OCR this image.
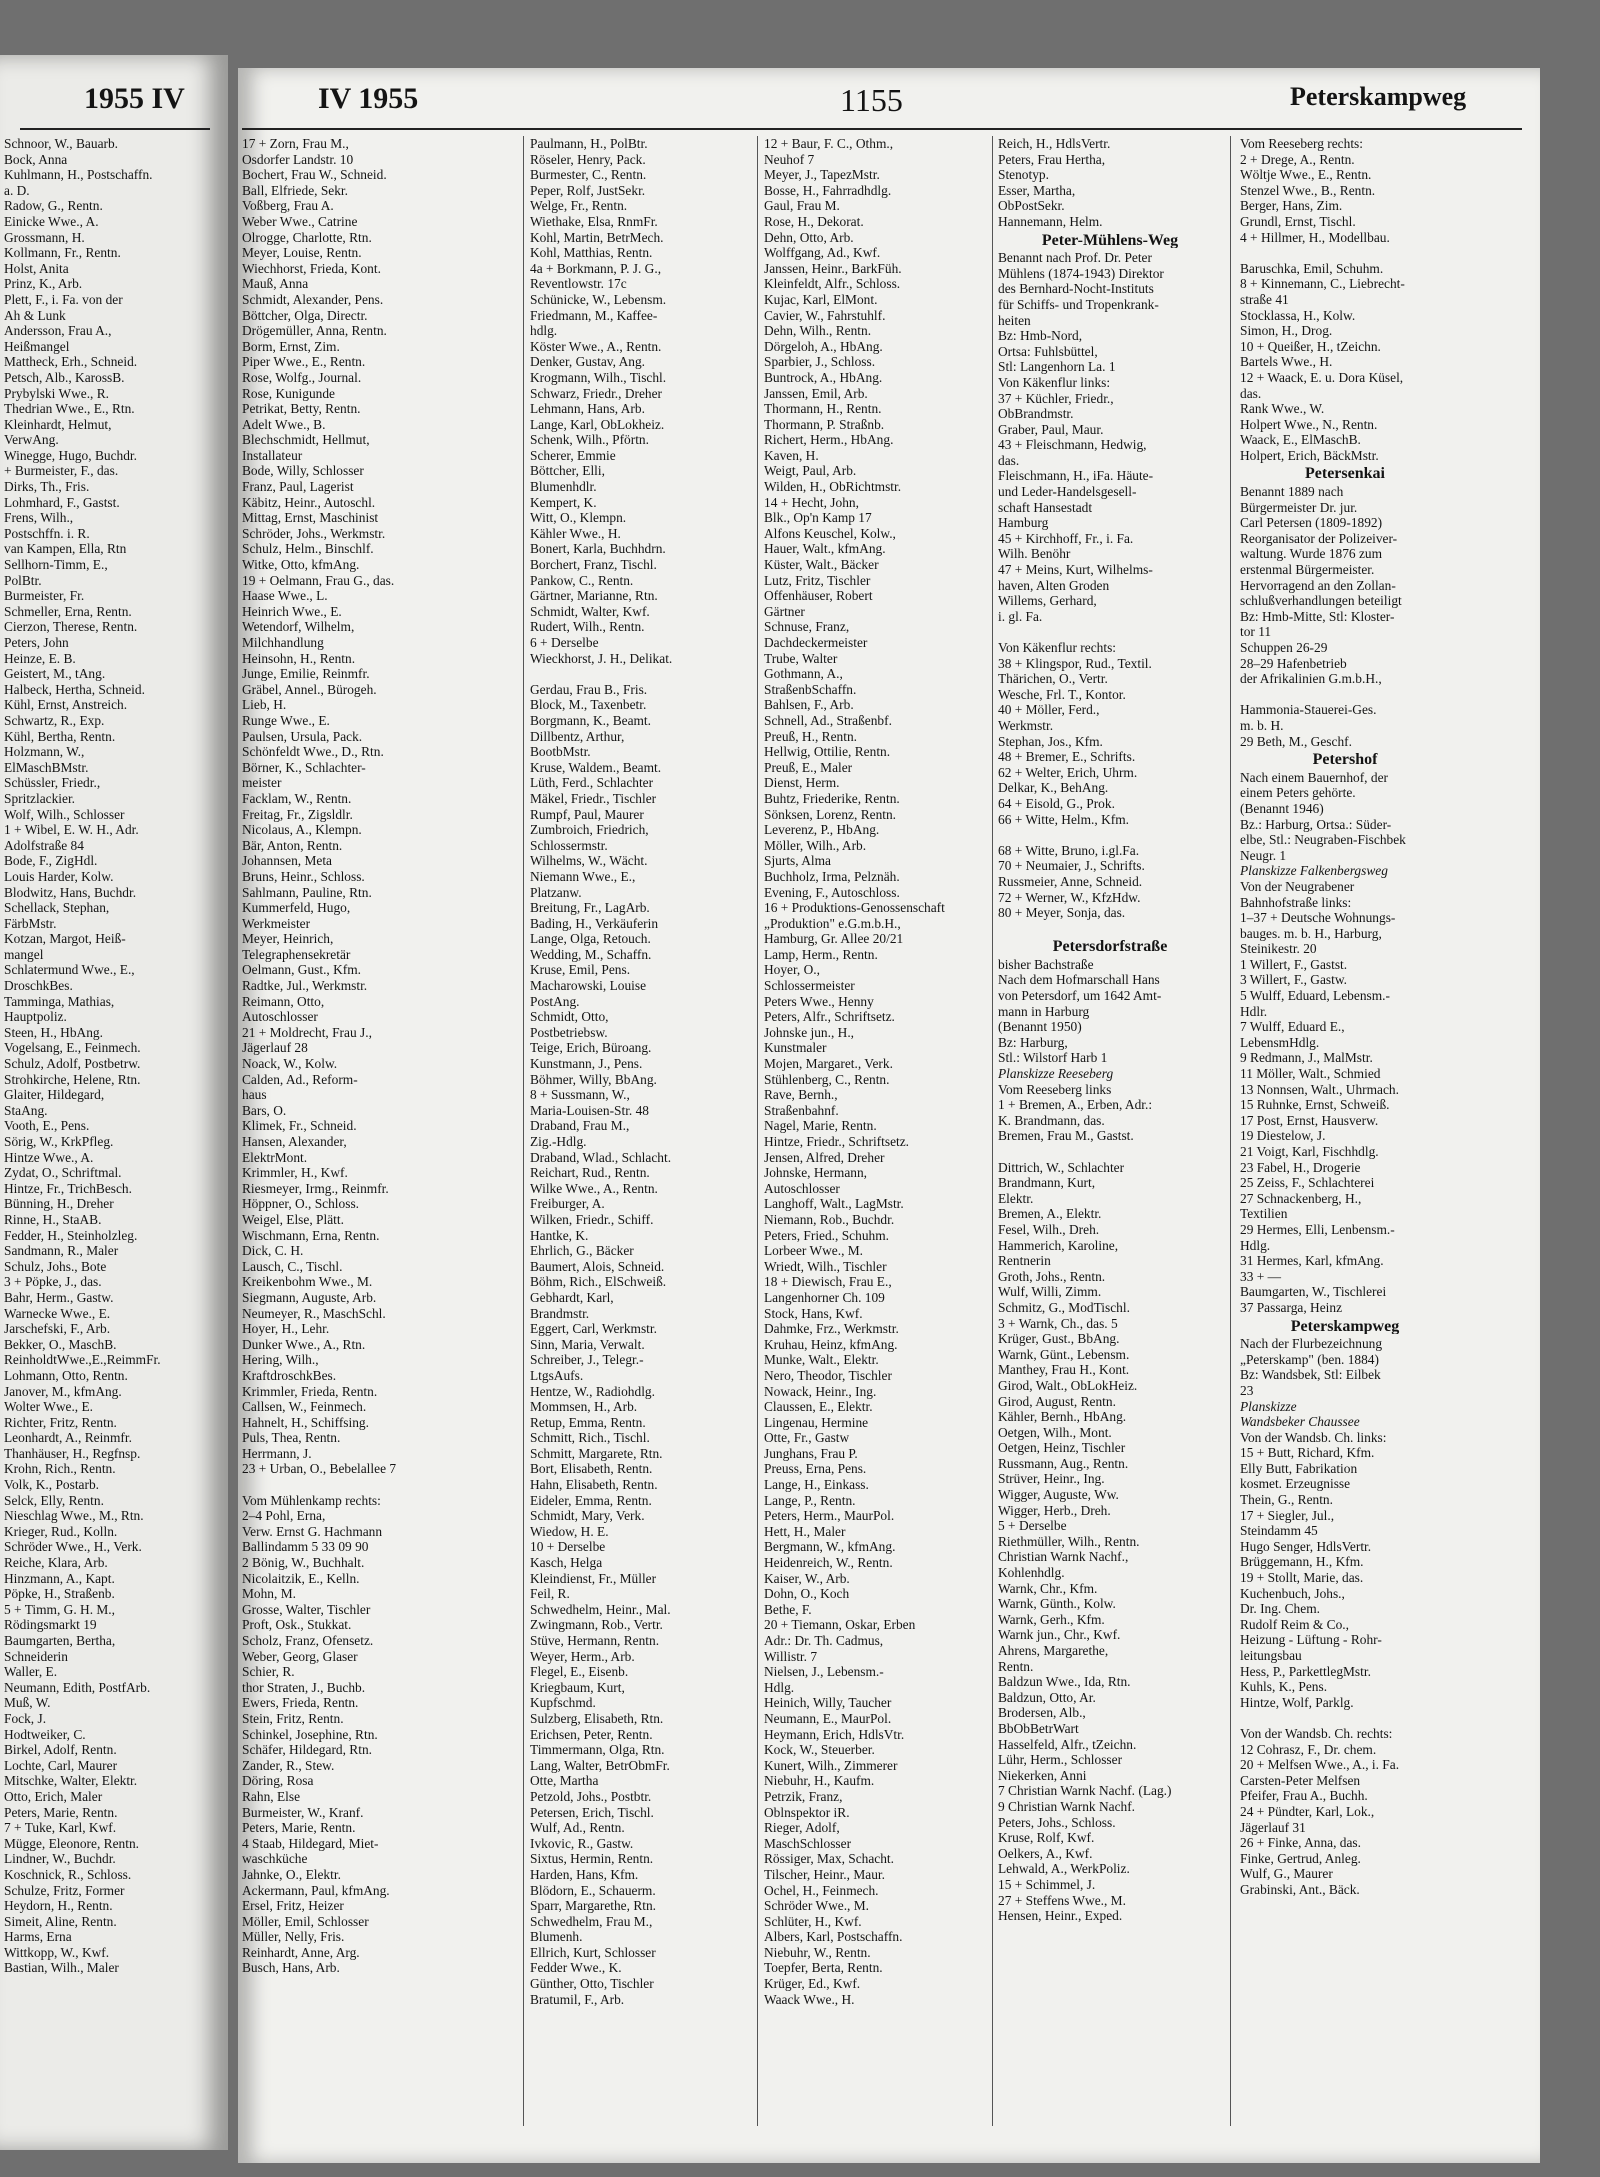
1955 IV	IV 1955	1155	Peterskampweg
Schnoor, W., Bauarb.
Bock, Anna
Kuhlmann, H., Postschaffn.
a. D.
Radow, G., Rentn.
Einicke Wwe., A.
Grossmann, H.
Kollmann, Fr., Rentn.
Holst, Anita
Prinz, K., Arb.
Plett, F., i. Fa. von der
Ah & Lunk
Andersson, Frau A.,
Heißmangel
Mattheck, Erh., Schneid.
Petsch, Alb., KarossB.
Prybylski Wwe., R.
Thedrian Wwe., E., Rtn.
Kleinhardt, Helmut,
VerwAng.
Winegge, Hugo, Buchdr.
+ Burmeister, F., das.
Dirks, Th., Fris.
Lohmhard, F., Gastst.
Frens, Wilh.,
Postschffn. i. R.
van Kampen, Ella, Rtn
Sellhorn-Timm, E.,
PolBtr.
Burmeister, Fr.
Schmeller, Erna, Rentn.
Cierzon, Therese, Rentn.
Peters, John
Heinze, E. B.
Geistert, M., tAng.
Halbeck, Hertha, Schneid.
Kühl, Ernst, Anstreich.
Schwartz, R., Exp.
Kühl, Bertha, Rentn.
Holzmann, W.,
ElMaschBMstr.
Schüssler, Friedr.,
Spritzlackier.
Wolf, Wilh., Schlosser
1 + Wibel, E. W. H., Adr.
Adolfstraße 84
Bode, F., ZigHdl.
Louis Harder, Kolw.
Blodwitz, Hans, Buchdr.
Schellack, Stephan,
FärbMstr.
Kotzan, Margot, Heiß-
mangel
Schlatermund Wwe., E.,
DroschkBes.
Tamminga, Mathias,
Hauptpoliz.
Steen, H., HbAng.
Vogelsang, E., Feinmech.
Schulz, Adolf, Postbetrw.
Strohkirche, Helene, Rtn.
Glaiter, Hildegard,
StaAng.
Vooth, E., Pens.
Sörig, W., KrkPfleg.
Hintze Wwe., A.
Zydat, O., Schriftmal.
Hintze, Fr., TrichBesch.
Bünning, H., Dreher
Rinne, H., StaAB.
Fedder, H., Steinholzleg.
Sandmann, R., Maler
Schulz, Johs., Bote
3 + Pöpke, J., das.
Bahr, Herm., Gastw.
Warnecke Wwe., E.
Jarschefski, F., Arb.
Bekker, O., MaschB.
ReinholdtWwe.,E.,ReimmFr.
Lohmann, Otto, Rentn.
Janover, M., kfmAng.
Wolter Wwe., E.
Richter, Fritz, Rentn.
Leonhardt, A., Reinmfr.
Thanhäuser, H., Regfnsp.
Krohn, Rich., Rentn.
Volk, K., Postarb.
Selck, Elly, Rentn.
Nieschlag Wwe., M., Rtn.
Krieger, Rud., Kolln.
Schröder Wwe., H., Verk.
Reiche, Klara, Arb.
Hinzmann, A., Kapt.
Pöpke, H., Straßenb.
5 + Timm, G. H. M.,
Rödingsmarkt 19
Baumgarten, Bertha,
Schneiderin
Waller, E.
Neumann, Edith, PostfArb.
Muß, W.
Fock, J.
Hodtweiker, C.
Birkel, Adolf, Rentn.
Lochte, Carl, Maurer
Mitschke, Walter, Elektr.
Otto, Erich, Maler
Peters, Marie, Rentn.
7 + Tuke, Karl, Kwf.
Mügge, Eleonore, Rentn.
Lindner, W., Buchdr.
Koschnick, R., Schloss.
Schulze, Fritz, Former
Heydorn, H., Rentn.
Simeit, Aline, Rentn.
Harms, Erna
Wittkopp, W., Kwf.
Bastian, Wilh., Maler
17 + Zorn, Frau M.,
Osdorfer Landstr. 10
Bochert, Frau W., Schneid.
Ball, Elfriede, Sekr.
Voßberg, Frau A.
Weber Wwe., Catrine
Olrogge, Charlotte, Rtn.
Meyer, Louise, Rentn.
Wiechhorst, Frieda, Kont.
Mauß, Anna
Schmidt, Alexander, Pens.
Böttcher, Olga, Directr.
Drögemüller, Anna, Rentn.
Borm, Ernst, Zim.
Piper Wwe., E., Rentn.
Rose, Wolfg., Journal.
Rose, Kunigunde
Petrikat, Betty, Rentn.
Adelt Wwe., B.
Blechschmidt, Hellmut,
Installateur
Bode, Willy, Schlosser
Franz, Paul, Lagerist
Käbitz, Heinr., Autoschl.
Mittag, Ernst, Maschinist
Schröder, Johs., Werkmstr.
Schulz, Helm., Binschlf.
Witke, Otto, kfmAng.
19 + Oelmann, Frau G., das.
Haase Wwe., L.
Heinrich Wwe., E.
Wetendorf, Wilhelm,
Milchhandlung
Heinsohn, H., Rentn.
Junge, Emilie, Reinmfr.
Gräbel, Annel., Bürogeh.
Lieb, H.
Runge Wwe., E.
Paulsen, Ursula, Pack.
Schönfeldt Wwe., D., Rtn.
Börner, K., Schlachter-
meister
Facklam, W., Rentn.
Freitag, Fr., Zigsldlr.
Nicolaus, A., Klempn.
Bär, Anton, Rentn.
Johannsen, Meta
Bruns, Heinr., Schloss.
Sahlmann, Pauline, Rtn.
Kummerfeld, Hugo,
Werkmeister
Meyer, Heinrich,
Telegraphensekretär
Oelmann, Gust., Kfm.
Radtke, Jul., Werkmstr.
Reimann, Otto,
Autoschlosser
21 + Moldrecht, Frau J.,
Jägerlauf 28
Noack, W., Kolw.
Calden, Ad., Reform-
haus
Bars, O.
Klimek, Fr., Schneid.
Hansen, Alexander,
ElektrMont.
Krimmler, H., Kwf.
Riesmeyer, Irmg., Reinmfr.
Höppner, O., Schloss.
Weigel, Else, Plätt.
Wischmann, Erna, Rentn.
Dick, C. H.
Lausch, C., Tischl.
Kreikenbohm Wwe., M.
Siegmann, Auguste, Arb.
Neumeyer, R., MaschSchl.
Hoyer, H., Lehr.
Dunker Wwe., A., Rtn.
Hering, Wilh.,
KraftdroschkBes.
Krimmler, Frieda, Rentn.
Callsen, W., Feinmech.
Hahnelt, H., Schiffsing.
Puls, Thea, Rentn.
Herrmann, J.
23 + Urban, O., Bebelallee 7

Vom Mühlenkamp rechts:
2–4 Pohl, Erna,
Verw. Ernst G. Hachmann
Ballindamm 5 33 09 90
2 Bönig, W., Buchhalt.
Nicolaitzik, E., Kelln.
Mohn, M.
Grosse, Walter, Tischler
Proft, Osk., Stukkat.
Scholz, Franz, Ofensetz.
Weber, Georg, Glaser
Schier, R.
thor Straten, J., Buchb.
Ewers, Frieda, Rentn.
Stein, Fritz, Rentn.
Schinkel, Josephine, Rtn.
Schäfer, Hildegard, Rtn.
Zander, R., Stew.
Döring, Rosa
Rahn, Else
Burmeister, W., Kranf.
Peters, Marie, Rentn.
4 Staab, Hildegard, Miet-
waschküche
Jahnke, O., Elektr.
Ackermann, Paul, kfmAng.
Ersel, Fritz, Heizer
Möller, Emil, Schlosser
Müller, Nelly, Fris.
Reinhardt, Anne, Arg.
Busch, Hans, Arb.
Paulmann, H., PolBtr.
Röseler, Henry, Pack.
Burmester, C., Rentn.
Peper, Rolf, JustSekr.
Welge, Fr., Rentn.
Wiethake, Elsa, RnmFr.
Kohl, Martin, BetrMech.
Kohl, Matthias, Rentn.
4a + Borkmann, P. J. G.,
Reventlowstr. 17c
Schünicke, W., Lebensm.
Friedmann, M., Kaffee-
hdlg.
Köster Wwe., A., Rentn.
Denker, Gustav, Ang.
Krogmann, Wilh., Tischl.
Schwarz, Friedr., Dreher
Lehmann, Hans, Arb.
Lange, Karl, ObLokheiz.
Schenk, Wilh., Pförtn.
Scherer, Emmie
Böttcher, Elli,
Blumenhdlr.
Kempert, K.
Witt, O., Klempn.
Kähler Wwe., H.
Bonert, Karla, Buchhdrn.
Borchert, Franz, Tischl.
Pankow, C., Rentn.
Gärtner, Marianne, Rtn.
Schmidt, Walter, Kwf.
Rudert, Wilh., Rentn.
6 + Derselbe
Wieckhorst, J. H., Delikat.

Gerdau, Frau B., Fris.
Block, M., Taxenbetr.
Borgmann, K., Beamt.
Dillbentz, Arthur,
BootbMstr.
Kruse, Waldem., Beamt.
Lüth, Ferd., Schlachter
Mäkel, Friedr., Tischler
Rumpf, Paul, Maurer
Zumbroich, Friedrich,
Schlossermstr.
Wilhelms, W., Wächt.
Niemann Wwe., E.,
Platzanw.
Breitung, Fr., LagArb.
Bading, H., Verkäuferin
Lange, Olga, Retouch.
Wedding, M., Schaffn.
Kruse, Emil, Pens.
Macharowski, Louise
PostAng.
Schmidt, Otto,
Postbetriebsw.
Teige, Erich, Büroang.
Kunstmann, J., Pens.
Böhmer, Willy, BbAng.
8 + Sussmann, W.,
Maria-Louisen-Str. 48
Draband, Frau M.,
Zig.-Hdlg.
Draband, Wlad., Schlacht.
Reichart, Rud., Rentn.
Wilke Wwe., A., Rentn.
Freiburger, A.
Wilken, Friedr., Schiff.
Hantke, K.
Ehrlich, G., Bäcker
Baumert, Alois, Schneid.
Böhm, Rich., ElSchweiß.
Gebhardt, Karl,
Brandmstr.
Eggert, Carl, Werkmstr.
Sinn, Maria, Verwalt.
Schreiber, J., Telegr.-
LtgsAufs.
Hentze, W., Radiohdlg.
Mommsen, H., Arb.
Retup, Emma, Rentn.
Schmitt, Rich., Tischl.
Schmitt, Margarete, Rtn.
Bort, Elisabeth, Rentn.
Hahn, Elisabeth, Rentn.
Eideler, Emma, Rentn.
Schmidt, Mary, Verk.
Wiedow, H. E.
10 + Derselbe
Kasch, Helga
Kleindienst, Fr., Müller
Feil, R.
Schwedhelm, Heinr., Mal.
Zwingmann, Rob., Vertr.
Stüve, Hermann, Rentn.
Weyer, Herm., Arb.
Flegel, E., Eisenb.
Kriegbaum, Kurt,
Kupfschmd.
Sulzberg, Elisabeth, Rtn.
Erichsen, Peter, Rentn.
Timmermann, Olga, Rtn.
Lang, Walter, BetrObmFr.
Otte, Martha
Petzold, Johs., Postbtr.
Petersen, Erich, Tischl.
Wulf, Ad., Rentn.
Ivkovic, R., Gastw.
Sixtus, Hermin, Rentn.
Harden, Hans, Kfm.
Blödorn, E., Schauerm.
Sparr, Margarethe, Rtn.
Schwedhelm, Frau M.,
Blumenh.
Ellrich, Kurt, Schlosser
Fedder Wwe., K.
Günther, Otto, Tischler
Bratumil, F., Arb.
12 + Baur, F. C., Othm.,
Neuhof 7
Meyer, J., TapezMstr.
Bosse, H., Fahrradhdlg.
Gaul, Frau M.
Rose, H., Dekorat.
Dehn, Otto, Arb.
Wolffgang, Ad., Kwf.
Janssen, Heinr., BarkFüh.
Kleinfeldt, Alfr., Schloss.
Kujac, Karl, ElMont.
Cavier, W., Fahrstuhlf.
Dehn, Wilh., Rentn.
Dörgeloh, A., HbAng.
Sparbier, J., Schloss.
Buntrock, A., HbAng.
Janssen, Emil, Arb.
Thormann, H., Rentn.
Thormann, P. Straßnb.
Richert, Herm., HbAng.
Kaven, H.
Weigt, Paul, Arb.
Wilden, H., ObRichtmstr.
14 + Hecht, John,
Blk., Op'n Kamp 17
Alfons Keuschel, Kolw.,
Hauer, Walt., kfmAng.
Küster, Walt., Bäcker
Lutz, Fritz, Tischler
Offenhäuser, Robert
Gärtner
Schnuse, Franz,
Dachdeckermeister
Trube, Walter
Gothmann, A.,
StraßenbSchaffn.
Bahlsen, F., Arb.
Schnell, Ad., Straßenbf.
Preuß, H., Rentn.
Hellwig, Ottilie, Rentn.
Preuß, E., Maler
Dienst, Herm.
Buhtz, Friederike, Rentn.
Sönksen, Lorenz, Rentn.
Leverenz, P., HbAng.
Möller, Wilh., Arb.
Sjurts, Alma
Buchholz, Irma, Pelznäh.
Evening, F., Autoschloss.
16 + Produktions-Genossenschaft
„Produktion" e.G.m.b.H.,
Hamburg, Gr. Allee 20/21
Lamp, Herm., Rentn.
Hoyer, O.,
Schlossermeister
Peters Wwe., Henny
Peters, Alfr., Schriftsetz.
Johnske jun., H.,
Kunstmaler
Mojen, Margaret., Verk.
Stühlenberg, C., Rentn.
Rave, Bernh.,
Straßenbahnf.
Nagel, Marie, Rentn.
Hintze, Friedr., Schriftsetz.
Jensen, Alfred, Dreher
Johnske, Hermann,
Autoschlosser
Langhoff, Walt., LagMstr.
Niemann, Rob., Buchdr.
Peters, Fried., Schuhm.
Lorbeer Wwe., M.
Wriedt, Wilh., Tischler
18 + Diewisch, Frau E.,
Langenhorner Ch. 109
Stock, Hans, Kwf.
Dahmke, Frz., Werkmstr.
Kruhau, Heinz, kfmAng.
Munke, Walt., Elektr.
Nero, Theodor, Tischler
Nowack, Heinr., Ing.
Claussen, E., Elektr.
Lingenau, Hermine
Otte, Fr., Gastw
Junghans, Frau P.
Preuss, Erna, Pens.
Lange, H., Einkass.
Lange, P., Rentn.
Peters, Herm., MaurPol.
Hett, H., Maler
Bergmann, W., kfmAng.
Heidenreich, W., Rentn.
Kaiser, W., Arb.
Dohn, O., Koch
Bethe, F.
20 + Tiemann, Oskar, Erben
Adr.: Dr. Th. Cadmus,
Willistr. 7
Nielsen, J., Lebensm.-
Hdlg.
Heinich, Willy, Taucher
Neumann, E., MaurPol.
Heymann, Erich, HdlsVtr.
Kock, W., Steuerber.
Kunert, Wilh., Zimmerer
Niebuhr, H., Kaufm.
Petrzik, Franz,
Oblnspektor iR.
Rieger, Adolf,
MaschSchlosser
Rössiger, Max, Schacht.
Tilscher, Heinr., Maur.
Ochel, H., Feinmech.
Schröder Wwe., M.
Schlüter, H., Kwf.
Albers, Karl, Postschaffn.
Niebuhr, W., Rentn.
Toepfer, Berta, Rentn.
Krüger, Ed., Kwf.
Waack Wwe., H.
Reich, H., HdlsVertr.
Peters, Frau Hertha,
Stenotyp.
Esser, Martha,
ObPostSekr.
Hannemann, Helm.
Peter-Mühlens-Weg
Benannt nach Prof. Dr. Peter
Mühlens (1874-1943) Direktor
des Bernhard-Nocht-Instituts
für Schiffs- und Tropenkrank-
heiten
Bz: Hmb-Nord,
Ortsa: Fuhlsbüttel,
Stl: Langenhorn La. 1
Von Käkenflur links:
37 + Küchler, Friedr.,
ObBrandmstr.
Graber, Paul, Maur.
43 + Fleischmann, Hedwig,
das.
Fleischmann, H., iFa. Häute-
und Leder-Handelsgesell-
schaft Hansestadt
Hamburg
45 + Kirchhoff, Fr., i. Fa.
Wilh. Benöhr
47 + Meins, Kurt, Wilhelms-
haven, Alten Groden
Willems, Gerhard,
i. gl. Fa.

Von Käkenflur rechts:
38 + Klingspor, Rud., Textil.
Thärichen, O., Vertr.
Wesche, Frl. T., Kontor.
40 + Möller, Ferd.,
Werkmstr.
Stephan, Jos., Kfm.
48 + Bremer, E., Schrifts.
62 + Welter, Erich, Uhrm.
Delkar, K., BehAng.
64 + Eisold, G., Prok.
66 + Witte, Helm., Kfm.

68 + Witte, Bruno, i.gl.Fa.
70 + Neumaier, J., Schrifts.
Russmeier, Anne, Schneid.
72 + Werner, W., KfzHdw.
80 + Meyer, Sonja, das.

Petersdorfstraße
bisher Bachstraße
Nach dem Hofmarschall Hans
von Petersdorf, um 1642 Amt-
mann in Harburg
(Benannt 1950)
Bz: Harburg,
Stl.: Wilstorf Harb 1
Planskizze Reeseberg
Vom Reeseberg links
1 + Bremen, A., Erben, Adr.:
K. Brandmann, das.
Bremen, Frau M., Gastst.

Dittrich, W., Schlachter
Brandmann, Kurt,
Elektr.
Bremen, A., Elektr.
Fesel, Wilh., Dreh.
Hammerich, Karoline,
Rentnerin
Groth, Johs., Rentn.
Wulf, Willi, Zimm.
Schmitz, G., ModTischl.
3 + Warnk, Ch., das. 5
Krüger, Gust., BbAng.
Warnk, Günt., Lebensm.
Manthey, Frau H., Kont.
Girod, Walt., ObLokHeiz.
Girod, August, Rentn.
Kähler, Bernh., HbAng.
Oetgen, Wilh., Mont.
Oetgen, Heinz, Tischler
Russmann, Aug., Rentn.
Strüver, Heinr., Ing.
Wigger, Auguste, Ww.
Wigger, Herb., Dreh.
5 + Derselbe
Riethmüller, Wilh., Rentn.
Christian Warnk Nachf.,
Kohlenhdlg.
Warnk, Chr., Kfm.
Warnk, Günth., Kolw.
Warnk, Gerh., Kfm.
Warnk jun., Chr., Kwf.
Ahrens, Margarethe,
Rentn.
Baldzun Wwe., Ida, Rtn.
Baldzun, Otto, Ar.
Brodersen, Alb.,
BbObBetrWart
Hasselfeld, Alfr., tZeichn.
Lühr, Herm., Schlosser
Niekerken, Anni
7 Christian Warnk Nachf. (Lag.)
9 Christian Warnk Nachf.
Peters, Johs., Schloss.
Kruse, Rolf, Kwf.
Oelkers, A., Kwf.
Lehwald, A., WerkPoliz.
15 + Schimmel, J.
27 + Steffens Wwe., M.
Hensen, Heinr., Exped.
Vom Reeseberg rechts:
2 + Drege, A., Rentn.
Wöltje Wwe., E., Rentn.
Stenzel Wwe., B., Rentn.
Berger, Hans, Zim.
Grundl, Ernst, Tischl.
4 + Hillmer, H., Modellbau.

Baruschka, Emil, Schuhm.
8 + Kinnemann, C., Liebrecht-
straße 41
Stocklassa, H., Kolw.
Simon, H., Drog.
10 + Queißer, H., tZeichn.
Bartels Wwe., H.
12 + Waack, E. u. Dora Küsel,
das.
Rank Wwe., W.
Holpert Wwe., N., Rentn.
Waack, E., ElMaschB.
Holpert, Erich, BäckMstr.
Petersenkai
Benannt 1889 nach
Bürgermeister Dr. jur.
Carl Petersen (1809-1892)
Reorganisator der Polizeiver-
waltung. Wurde 1876 zum
erstenmal Bürgermeister.
Hervorragend an den Zollan-
schlußverhandlungen beteiligt
Bz: Hmb-Mitte, Stl: Kloster-
tor 11
Schuppen 26-29
28–29 Hafenbetrieb
der Afrikalinien G.m.b.H.,

Hammonia-Stauerei-Ges.
m. b. H.
29 Beth, M., Geschf.
Petershof
Nach einem Bauernhof, der
einem Peters gehörte.
(Benannt 1946)
Bz.: Harburg, Ortsa.: Süder-
elbe, Stl.: Neugraben-Fischbek
Neugr. 1
Planskizze Falkenbergsweg
Von der Neugrabener
Bahnhofstraße links:
1–37 + Deutsche Wohnungs-
bauges. m. b. H., Harburg,
Steinikestr. 20
1 Willert, F., Gastst.
3 Willert, F., Gastw.
5 Wulff, Eduard, Lebensm.-
Hdlr.
7 Wulff, Eduard E.,
LebensmHdlg.
9 Redmann, J., MalMstr.
11 Möller, Walt., Schmied
13 Nonnsen, Walt., Uhrmach.
15 Ruhnke, Ernst, Schweiß.
17 Post, Ernst, Hausverw.
19 Diestelow, J.
21 Voigt, Karl, Fischhdlg.
23 Fabel, H., Drogerie
25 Zeiss, F., Schlachterei
27 Schnackenberg, H.,
Textilien
29 Hermes, Elli, Lenbensm.-
Hdlg.
31 Hermes, Karl, kfmAng.
33 + —
Baumgarten, W., Tischlerei
37 Passarga, Heinz
Peterskampweg
Nach der Flurbezeichnung
„Peterskamp" (ben. 1884)
Bz: Wandsbek, Stl: Eilbek
23
Planskizze
Wandsbeker Chaussee
Von der Wandsb. Ch. links:
15 + Butt, Richard, Kfm.
Elly Butt, Fabrikation
kosmet. Erzeugnisse
Thein, G., Rentn.
17 + Siegler, Jul.,
Steindamm 45
Hugo Senger, HdlsVertr.
Brüggemann, H., Kfm.
19 + Stollt, Marie, das.
Kuchenbuch, Johs.,
Dr. Ing. Chem.
Rudolf Reim & Co.,
Heizung - Lüftung - Rohr-
leitungsbau
Hess, P., ParkettlegMstr.
Kuhls, K., Pens.
Hintze, Wolf, Parklg.

Von der Wandsb. Ch. rechts:
12 Cohrasz, F., Dr. chem.
20 + Melfsen Wwe., A., i. Fa.
Carsten-Peter Melfsen
Pfeifer, Frau A., Buchh.
24 + Pündter, Karl, Lok.,
Jägerlauf 31
26 + Finke, Anna, das.
Finke, Gertrud, Anleg.
Wulf, G., Maurer
Grabinski, Ant., Bäck.
